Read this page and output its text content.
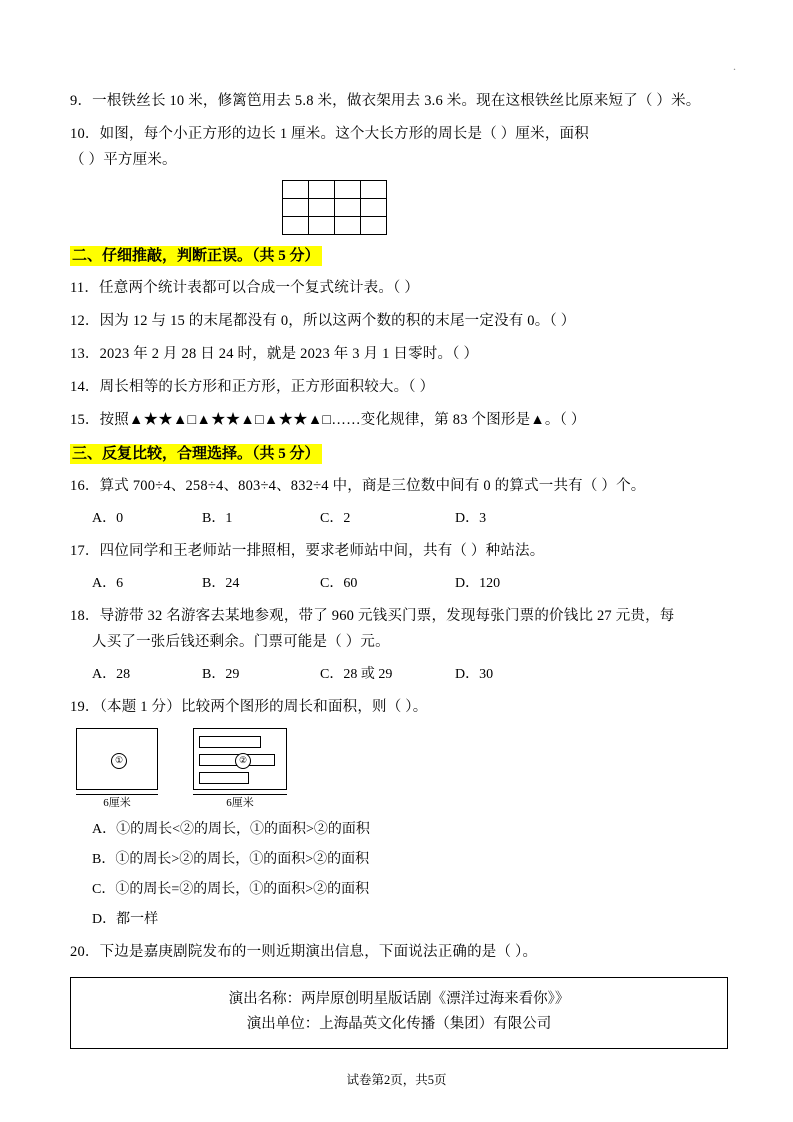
.
9．一根铁丝长 10 米，修篱笆用去 5.8 米，做衣架用去 3.6 米。现在这根铁丝比原来短了（ ）米。
10．如图，每个小正方形的边长 1 厘米。这个大长方形的周长是（ ）厘米，面积
（ ）平方厘米。

二、仔细推敲，判断正误。（共 5 分）
11．任意两个统计表都可以合成一个复式统计表。（ ）
12．因为 12 与 15 的末尾都没有 0，所以这两个数的积的末尾一定没有 0。（ ）
13．2023 年 2 月 28 日 24 时，就是 2023 年 3 月 1 日零时。（ ）
14．周长相等的长方形和正方形，正方形面积较大。（ ）
15．按照▲★★▲□▲★★▲□▲★★▲□……变化规律，第 83 个图形是▲。（ ）
三、反复比较，合理选择。（共 5 分）
16．算式 700÷4、258÷4、803÷4、832÷4 中，商是三位数中间有 0 的算式一共有（ ）个。
A．0	B．1	C．2	D．3
17．四位同学和王老师站一排照相，要求老师站中间，共有（ ）种站法。
A．6	B．24	C．60	D．120
18．导游带 32 名游客去某地参观，带了 960 元钱买门票，发现每张门票的价钱比 27 元贵，每
人买了一张后钱还剩余。门票可能是（ ）元。
A．28	B．29	C．28 或 29	D．30
19．（本题 1 分）比较两个图形的周长和面积，则（ ）。
①
6厘米
②
6厘米
A．①的周长<②的周长，①的面积>②的面积
B．①的周长>②的周长，①的面积>②的面积
C．①的周长=②的周长，①的面积>②的面积
D．都一样
20．下边是嘉庚剧院发布的一则近期演出信息，下面说法正确的是（ ）。
演出名称：两岸原创明星版话剧《漂洋过海来看你》》
演出单位：上海晶英文化传播（集团）有限公司
试卷第2页，共5页
